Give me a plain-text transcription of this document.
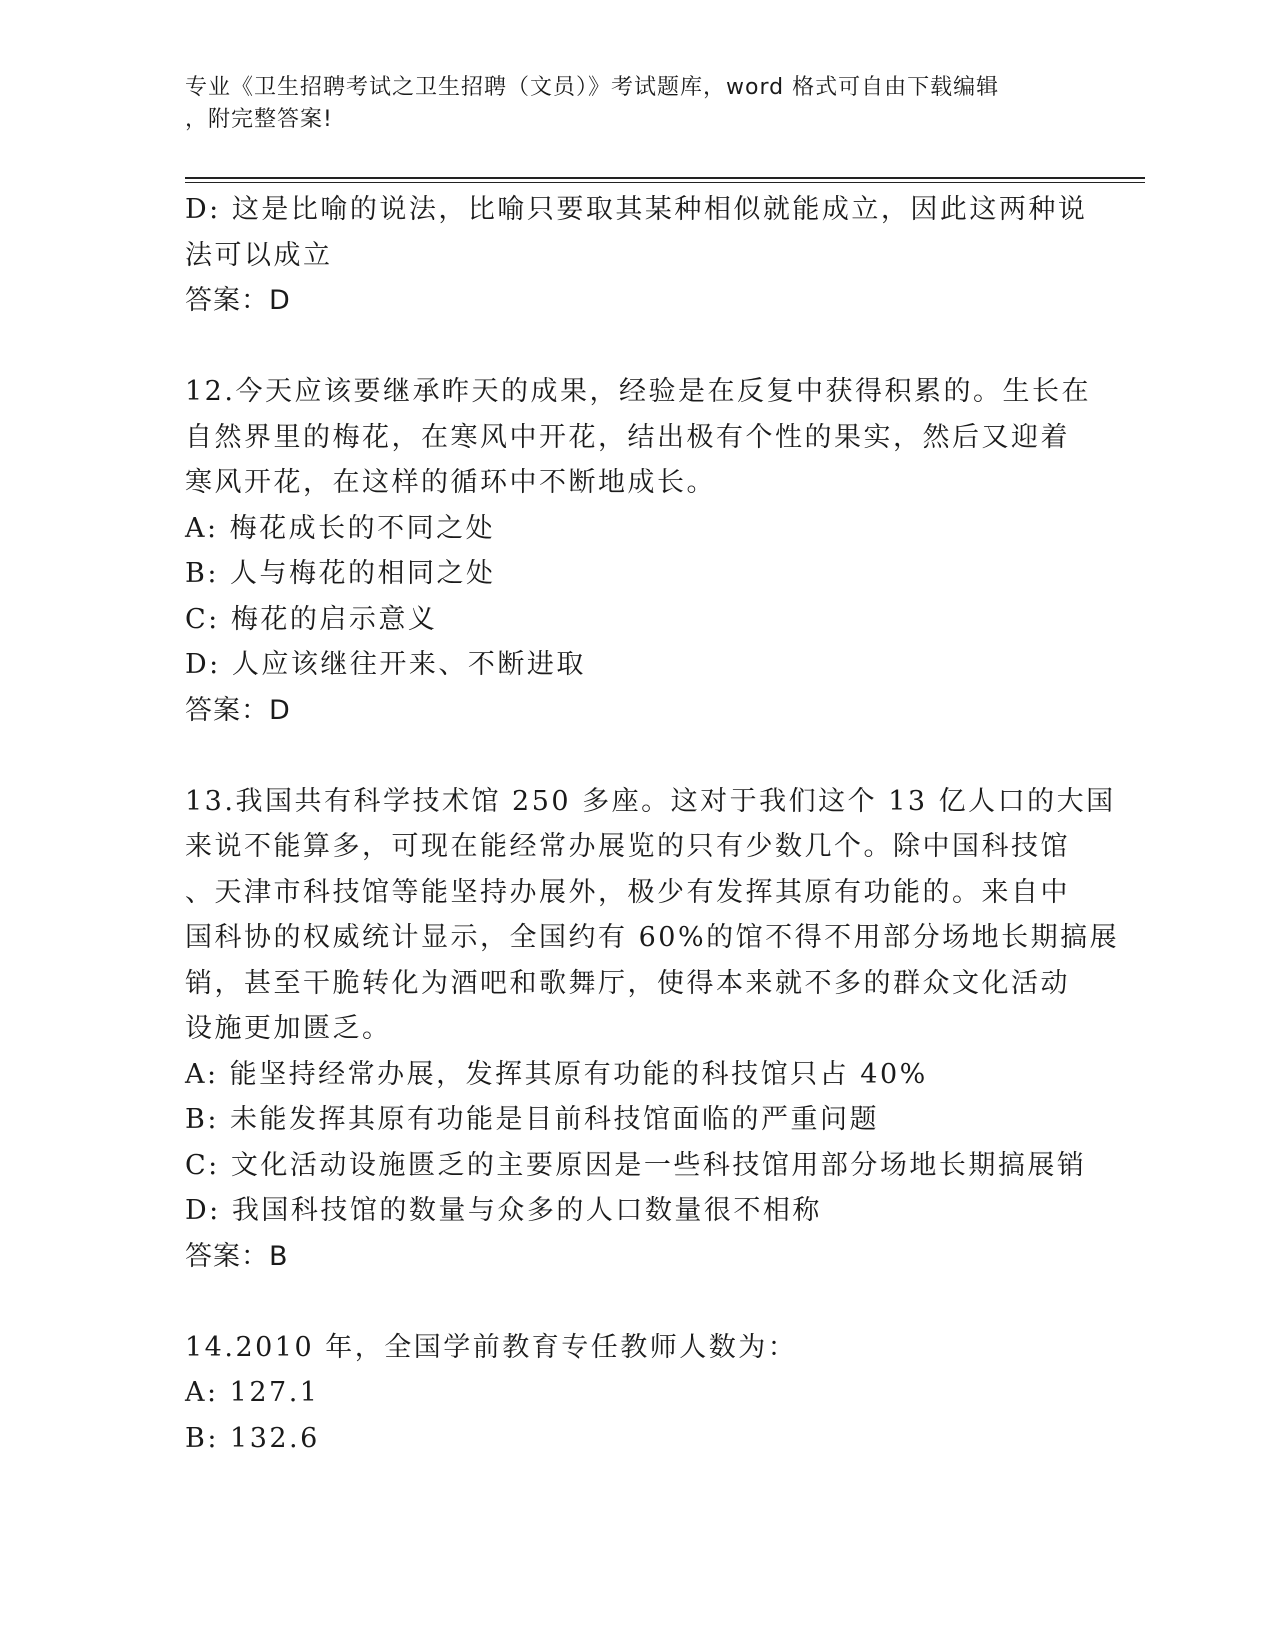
专业《卫生招聘考试之卫生招聘（文员）》考试题库，word 格式可自由下载编辑
，附完整答案!
D: 这是比喻的说法，比喻只要取其某种相似就能成立，因此这两种说
法可以成立
答案：D
12.今天应该要继承昨天的成果，经验是在反复中获得积累的。生长在
自然界里的梅花，在寒风中开花，结出极有个性的果实，然后又迎着
寒风开花，在这样的循环中不断地成长。
A: 梅花成长的不同之处
B: 人与梅花的相同之处
C: 梅花的启示意义
D: 人应该继往开来、不断进取
答案：D
13.我国共有科学技术馆 250 多座。这对于我们这个 13 亿人口的大国
来说不能算多，可现在能经常办展览的只有少数几个。除中国科技馆
、天津市科技馆等能坚持办展外，极少有发挥其原有功能的。来自中
国科协的权威统计显示，全国约有 60%的馆不得不用部分场地长期搞展
销，甚至干脆转化为酒吧和歌舞厅，使得本来就不多的群众文化活动
设施更加匮乏。
A: 能坚持经常办展，发挥其原有功能的科技馆只占 40%
B: 未能发挥其原有功能是目前科技馆面临的严重问题
C: 文化活动设施匮乏的主要原因是一些科技馆用部分场地长期搞展销
D: 我国科技馆的数量与众多的人口数量很不相称
答案：B
14.2010 年，全国学前教育专任教师人数为：
A: 127.1
B: 132.6
